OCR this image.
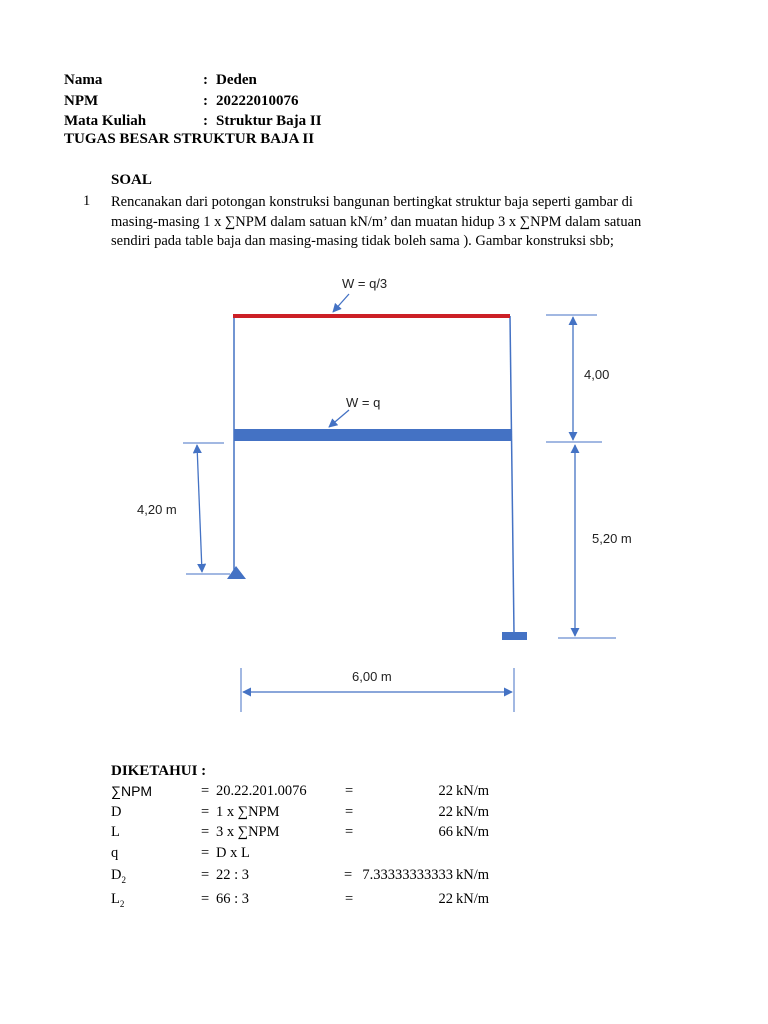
Nama	: Deden
NPM	: 20222010076
Mata Kuliah	: Struktur Baja II
TUGAS BESAR STRUKTUR BAJA II
SOAL
1 Rencanakan dari potongan konstruksi bangunan bertingkat struktur baja seperti gambar di
masing-masing 1 x ∑NPM dalam satuan kN/m’ dan muatan hidup 3 x ∑NPM dalam satuan
sendiri pada table baja dan masing-masing tidak boleh sama ). Gambar konstruksi sbb;
W = q/3
W = q
4,00
5,20 m
4,20 m
6,00 m
DIKETAHUI :
∑NPM	= 20.22.201.0076	=	22 kN/m
D	= 1 x ∑NPM	=	22 kN/m
L	= 3 x ∑NPM	=	66 kN/m
q	= D x L
$D_2$	= 22 : 3	= 7.33333333333 kN/m
$L_2$	= 66 : 3	=	22 kN/m
